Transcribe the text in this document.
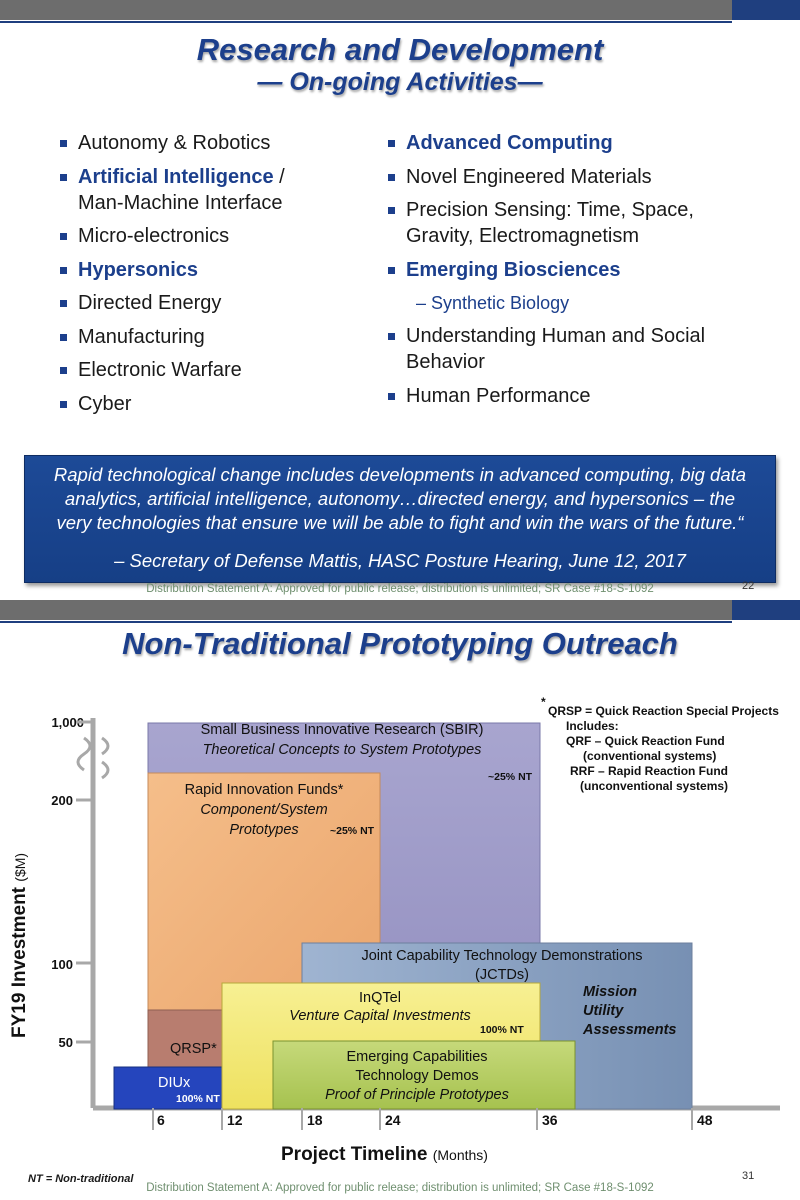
Research and Development
— On-going Activities—
Autonomy & Robotics
Artificial Intelligence /
Man-Machine Interface
Micro-electronics
Hypersonics
Directed Energy
Manufacturing
Electronic Warfare
Cyber
Advanced Computing
Novel Engineered Materials
Precision Sensing: Time, Space,
Gravity, Electromagnetism
Emerging Biosciences
– Synthetic Biology
Understanding Human and Social
Behavior
Human Performance
Rapid technological change includes developments in advanced computing, big data
analytics, artificial intelligence, autonomy…directed energy, and hypersonics – the
very technologies that ensure we will be able to fight and win the wars of the future.“
– Secretary of Defense Mattis, HASC Posture Hearing, June 12, 2017
Distribution Statement A: Approved for public release; distribution is unlimited; SR Case #18-S-1092	22
Non-Traditional Prototyping Outreach
1,000
200
100
50
6	12	18	24	36	48
Project Timeline (Months)
FY19 Investment ($M)
Small Business Innovative Research (SBIR)
Theoretical Concepts to System Prototypes
~25% NT
Rapid Innovation Funds*
Component/System
Prototypes	~25% NT
QRSP*
Joint Capability Technology Demonstrations
(JCTDs)
Mission
Utility
Assessments
InQTel
Venture Capital Investments
100% NT
Emerging Capabilities
Technology Demos
Proof of Principle Prototypes
DIUx
100% NT
*
QRSP = Quick Reaction Special Projects
Includes:
QRF – Quick Reaction Fund
(conventional systems)
RRF – Rapid Reaction Fund
(unconventional systems)
NT = Non-traditional
Distribution Statement A: Approved for public release; distribution is unlimited; SR Case #18-S-1092
31
